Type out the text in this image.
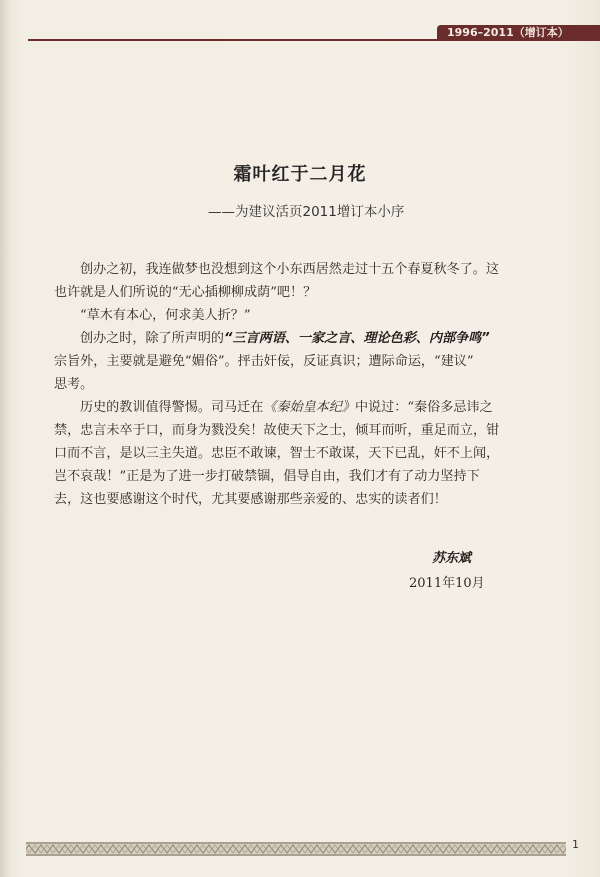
1996–2011（增订本）
霜叶红于二月花
——为建议活页2011增订本小序
创办之初，我连做梦也没想到这个小东西居然走过十五个春夏秋冬了。这
也许就是人们所说的“无心插柳柳成荫”吧！？
“草木有本心，何求美人折？”
创办之时，除了所声明的“三言两语、一家之言、理论色彩、内部争鸣”
宗旨外，主要就是避免“媚俗”。抨击奸佞，反证真识；遭际命运，“建议”
思考。
历史的教训值得警惕。司马迁在《秦始皇本纪》中说过：“秦俗多忌讳之
禁，忠言未卒于口，而身为戮没矣！故使天下之士，倾耳而听，重足而立，钳
口而不言，是以三主失道。忠臣不敢谏，智士不敢谋，天下已乱，奸不上闻，
岂不哀哉！”正是为了进一步打破禁锢，倡导自由，我们才有了动力坚持下
去，这也要感谢这个时代，尤其要感谢那些亲爱的、忠实的读者们！
苏东斌
2011年10月
1
